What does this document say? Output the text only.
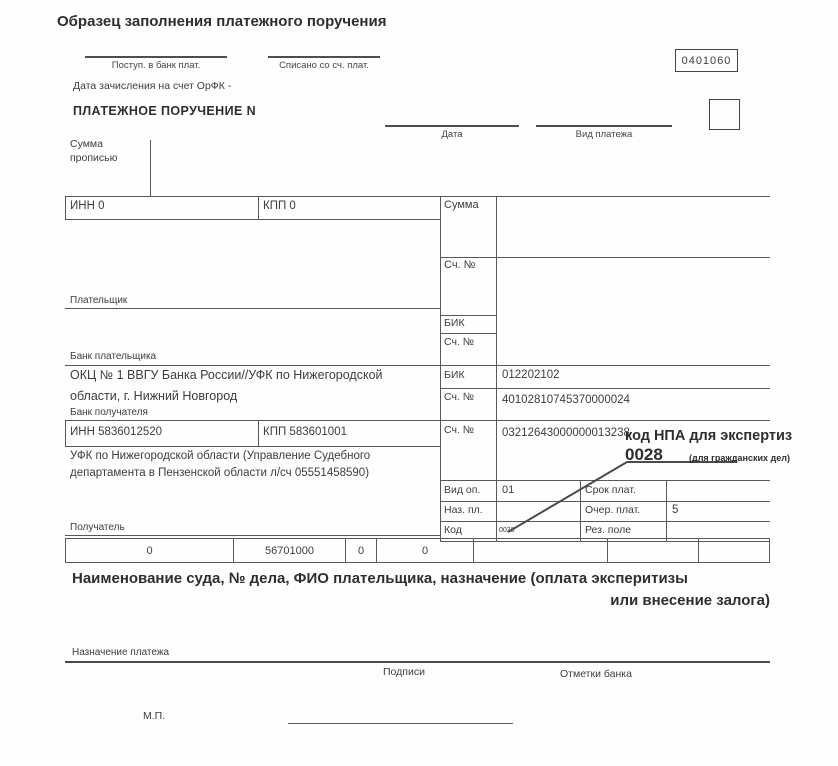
Образец заполнения платежного поручения
Поступ. в банк плат.	Списано со сч. плат.
Дата зачисления на счет ОрФК -
ПЛАТЕЖНОЕ ПОРУЧЕНИЕ N
Дата	Вид платежа
0401060
Сумма прописью
ИНН 0	КПП 0	Сумма
Сч. №
БИК
Сч. №
Плательщик
Банк плательщика
ОКЦ № 1 ВВГУ Банка России//УФК по Нижегородской
области, г. Нижний Новгород
БИК	012202102
Сч. № 40102810745370000024
Банк получателя
ИНН 5836012520	КПП 583601001	Сч. № 03212643000000013238
УФК по Нижегородской области (Управление Судебного
департамента в Пензенской области л/сч 05551458590)
Вид оп. 01	Срок плат.
Наз. пл.	Очер. плат.	5
Код	0028	Рез. поле
код НПА для экспертиз
0028	(для гражданских дел)
Получатель
0	56701000	0	0
Наименование суда, № дела, ФИО плательщика, назначение (оплата эксперитизы
или внесение залога)
Назначение платежа
Подписи	Отметки банка
М.П.
